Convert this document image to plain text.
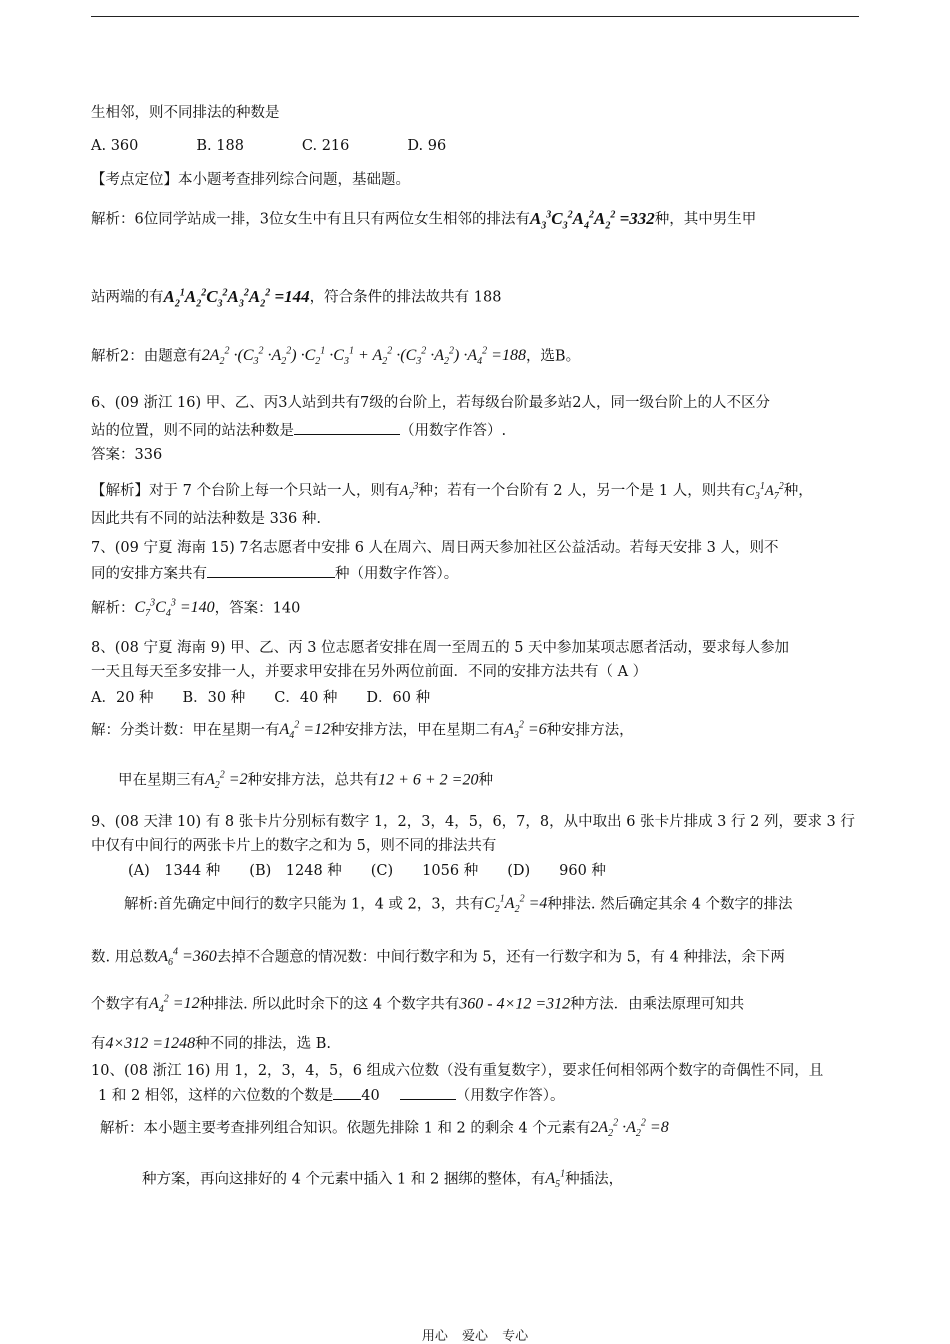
生相邻，则不同排法的种数是
A. 360　　　　B. 188　　　　C. 216　　　　D. 96
【考点定位】本小题考查排列综合问题，基础题。
解析：6位同学站成一排，3位女生中有且只有两位女生相邻的排法有$A_3^3C_3^2A_4^2A_2^2 =332$种，其中男生甲
站两端的有$A_2^1A_2^2C_3^2A_3^2A_2^2 =144$，符合条件的排法故共有 188
解析2：由题意有$2A_2^2 \cdot(C_3^2 \cdot A_2^2) \cdot C_2^1 \cdot C_3^1 + A_2^2 \cdot(C_3^2 \cdot A_2^2) \cdot A_4^2 =188$，选B。
6、(09 浙江 16) 甲、乙、丙3人站到共有7级的台阶上，若每级台阶最多站2人，同一级台阶上的人不区分
站的位置，则不同的站法种数是	（用数字作答）.
答案：336
【解析】对于 7 个台阶上每一个只站一人，则有$A_7^3$种；若有一个台阶有 2 人，另一个是 1 人，则共有$C_3^1A_7^2$种，
因此共有不同的站法种数是 336 种.
7、(09 宁夏 海南 15) 7名志愿者中安排 6 人在周六、周日两天参加社区公益活动。若每天安排 3 人，则不
同的安排方案共有	种（用数字作答）。
解析：$C_7^3C_4^3 =140$，答案：140
8、(08 宁夏 海南 9) 甲、乙、丙 3 位志愿者安排在周一至周五的 5 天中参加某项志愿者活动，要求每人参加
一天且每天至多安排一人，并要求甲安排在另外两位前面．不同的安排方法共有（ A ）
A．20 种　　B．30 种　　C．40 种　　D．60 种
解：分类计数：甲在星期一有$A_4^2 =12$种安排方法，甲在星期二有$A_3^2 =6$种安排方法，
甲在星期三有$A_2^2 =2$种安排方法，总共有12 + 6 + 2 =20种
9、(08 天津 10) 有 8 张卡片分别标有数字 1，2，3，4，5，6，7，8，从中取出 6 张卡片排成 3 行 2 列，要求 3 行
中仅有中间行的两张卡片上的数字之和为 5，则不同的排法共有
(A)　1344 种　　(B)　1248 种　　(C)　　1056 种　　(D)　　960 种
解析:首先确定中间行的数字只能为 1，4 或 2，3，共有$C_2^1A_2^2 =4$种排法. 然后确定其余 4 个数字的排法
数. 用总数$A_6^4 =360$去掉不合题意的情况数：中间行数字和为 5，还有一行数字和为 5，有 4 种排法，余下两
个数字有$A_4^2 =12$种排法. 所以此时余下的这 4 个数字共有360 - 4×12 =312种方法．由乘法原理可知共
有4×312 =1248种不同的排法，选 B.
10、(08 浙江 16) 用 1，2，3，4，5，6 组成六位数（没有重复数字），要求任何相邻两个数字的奇偶性不同，且
1 和 2 相邻，这样的六位数的个数是 40	（用数字作答）。
解析：本小题主要考查排列组合知识。依题先排除 1 和 2 的剩余 4 个元素有$2A_2^2 \cdot A_2^2 =8$
种方案，再向这排好的 4 个元素中插入 1 和 2 捆绑的整体，有$A_5^1$种插法，
用心 爱心 专心
